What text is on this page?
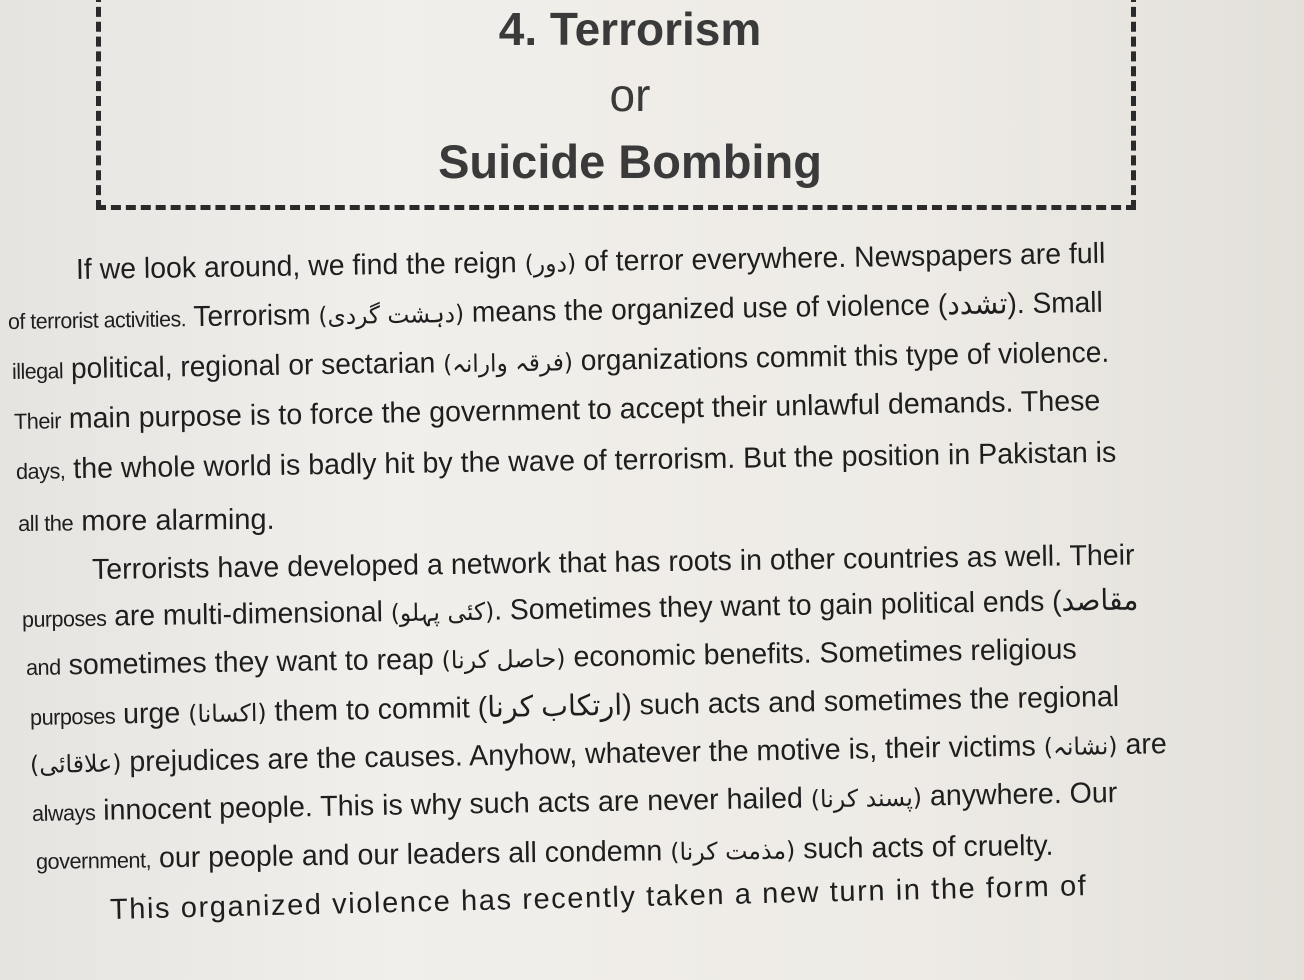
4. Terrorism
or
Suicide Bombing
If we look around, we find the reign (دور) of terror everywhere. Newspapers are full
of terrorist activities. Terrorism (دہشت گردی) means the organized use of violence (تشدد). Small
illegal political, regional or sectarian (فرقہ وارانہ) organizations commit this type of violence.
Their main purpose is to force the government to accept their unlawful demands. These
days, the whole world is badly hit by the wave of terrorism. But the position in Pakistan is
all the more alarming.
Terrorists have developed a network that has roots in other countries as well. Their
purposes are multi-dimensional (کئی پہلو). Sometimes they want to gain political ends (مقاصد
and sometimes they want to reap (حاصل کرنا) economic benefits. Sometimes religious
purposes urge (اکسانا) them to commit (ارتکاب کرنا) such acts and sometimes the regional
(علاقائی) prejudices are the causes. Anyhow, whatever the motive is, their victims (نشانہ) are
always innocent people. This is why such acts are never hailed (پسند کرنا) anywhere. Our
government, our people and our leaders all condemn (مذمت کرنا) such acts of cruelty.
This organized violence has recently taken a new turn in the form of
